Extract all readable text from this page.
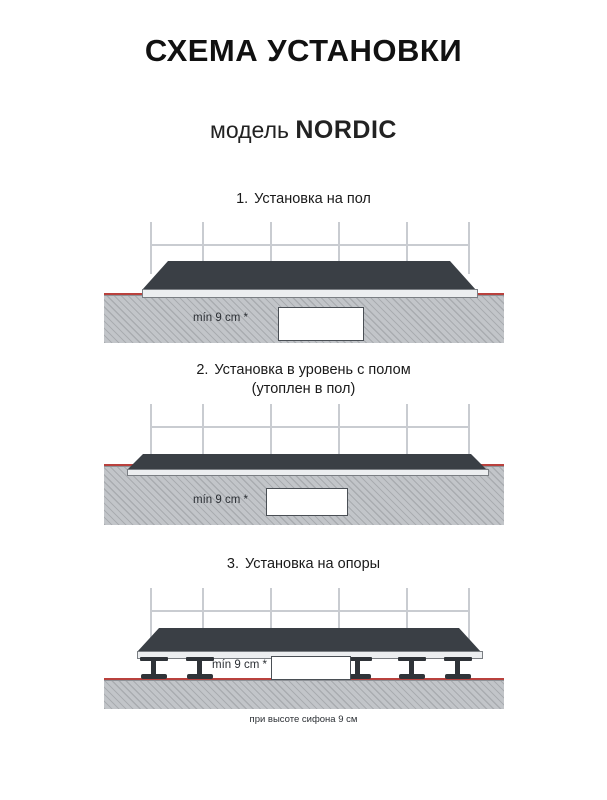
СХЕМА УСТАНОВКИ
модель NORDIC
1. Установка на пол
mín 9 cm *
2. Установка в уровень с полом
(утоплен в пол)
mín 9 cm *
3. Установка на опоры
mín 9 cm *
при высоте сифона 9 см
